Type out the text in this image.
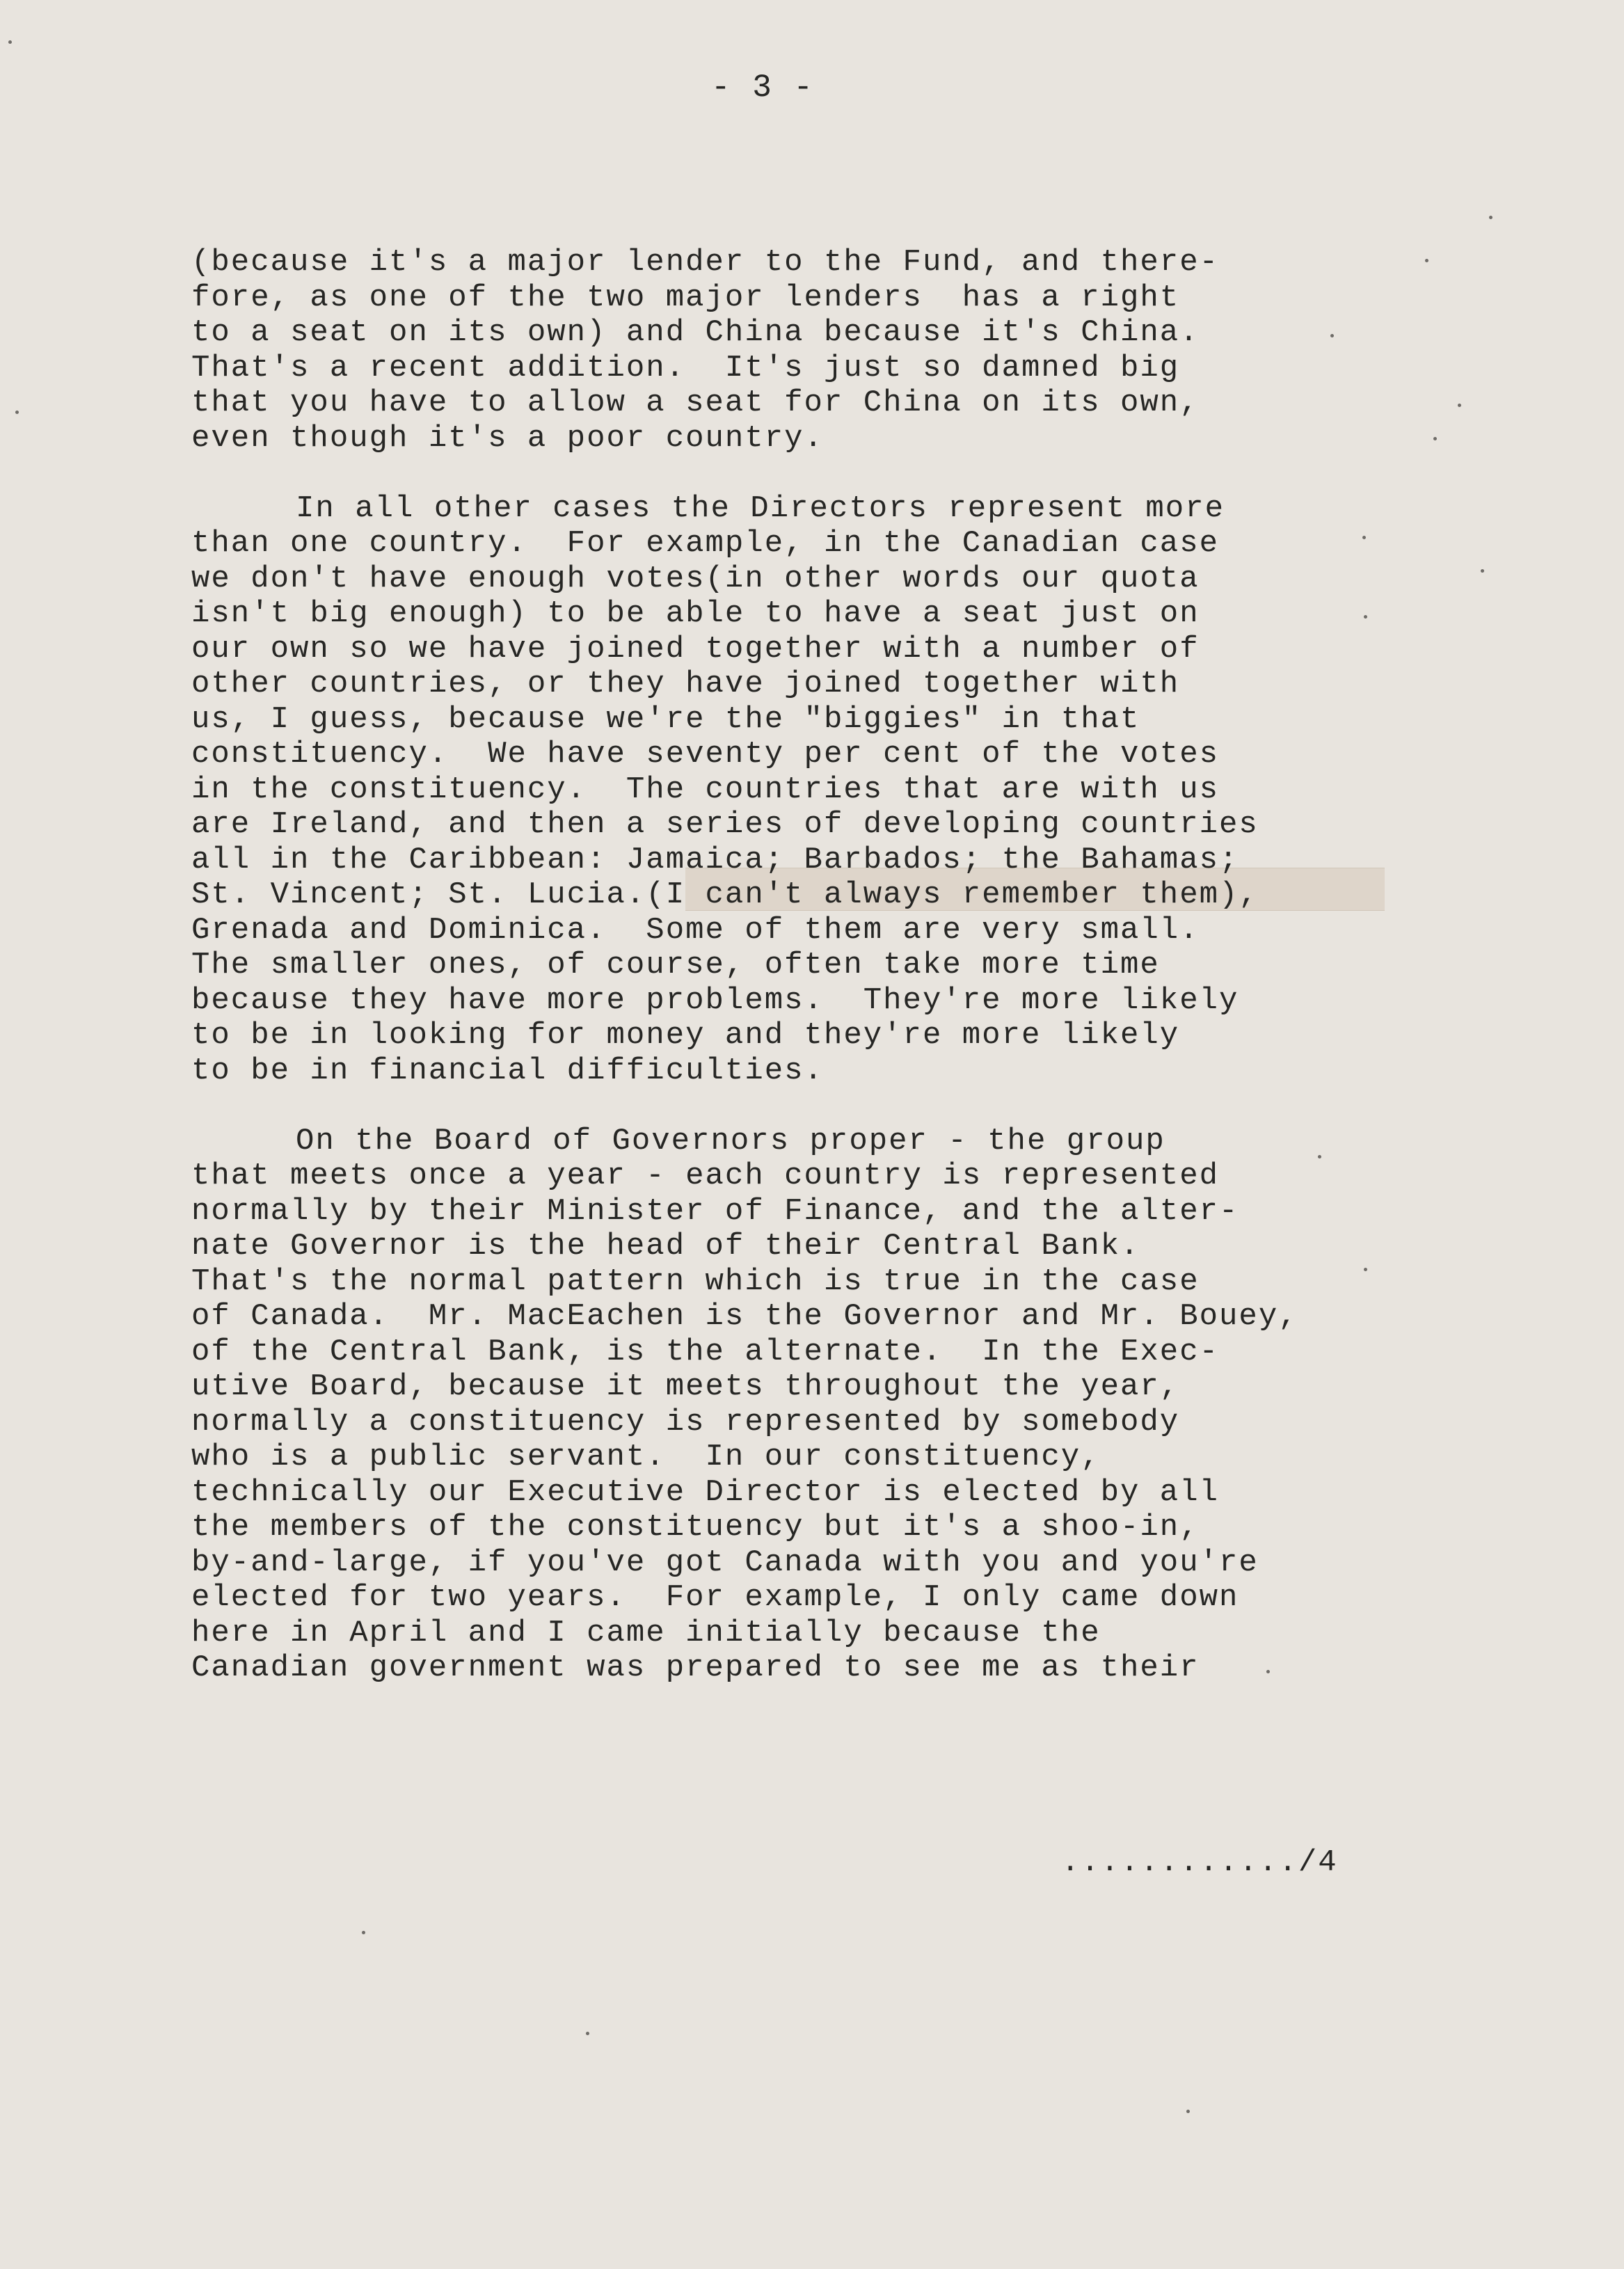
- 3 -
(because it's a major lender to the Fund, and there-
fore, as one of the two major lenders  has a right
to a seat on its own) and China because it's China.
That's a recent addition.  It's just so damned big
that you have to allow a seat for China on its own,
even though it's a poor country.
In all other cases the Directors represent more
than one country.  For example, in the Canadian case
we don't have enough votes(in other words our quota
isn't big enough) to be able to have a seat just on
our own so we have joined together with a number of
other countries, or they have joined together with
us, I guess, because we're the "biggies" in that
constituency.  We have seventy per cent of the votes
in the constituency.  The countries that are with us
are Ireland, and then a series of developing countries
all in the Caribbean: Jamaica; Barbados; the Bahamas;
St. Vincent; St. Lucia.(I can't always remember them),
Grenada and Dominica.  Some of them are very small.
The smaller ones, of course, often take more time
because they have more problems.  They're more likely
to be in looking for money and they're more likely
to be in financial difficulties.
On the Board of Governors proper - the group
that meets once a year - each country is represented
normally by their Minister of Finance, and the alter-
nate Governor is the head of their Central Bank.
That's the normal pattern which is true in the case
of Canada.  Mr. MacEachen is the Governor and Mr. Bouey,
of the Central Bank, is the alternate.  In the Exec-
utive Board, because it meets throughout the year,
normally a constituency is represented by somebody
who is a public servant.  In our constituency,
technically our Executive Director is elected by all
the members of the constituency but it's a shoo-in,
by-and-large, if you've got Canada with you and you're
elected for two years.  For example, I only came down
here in April and I came initially because the
Canadian government was prepared to see me as their
............/4
